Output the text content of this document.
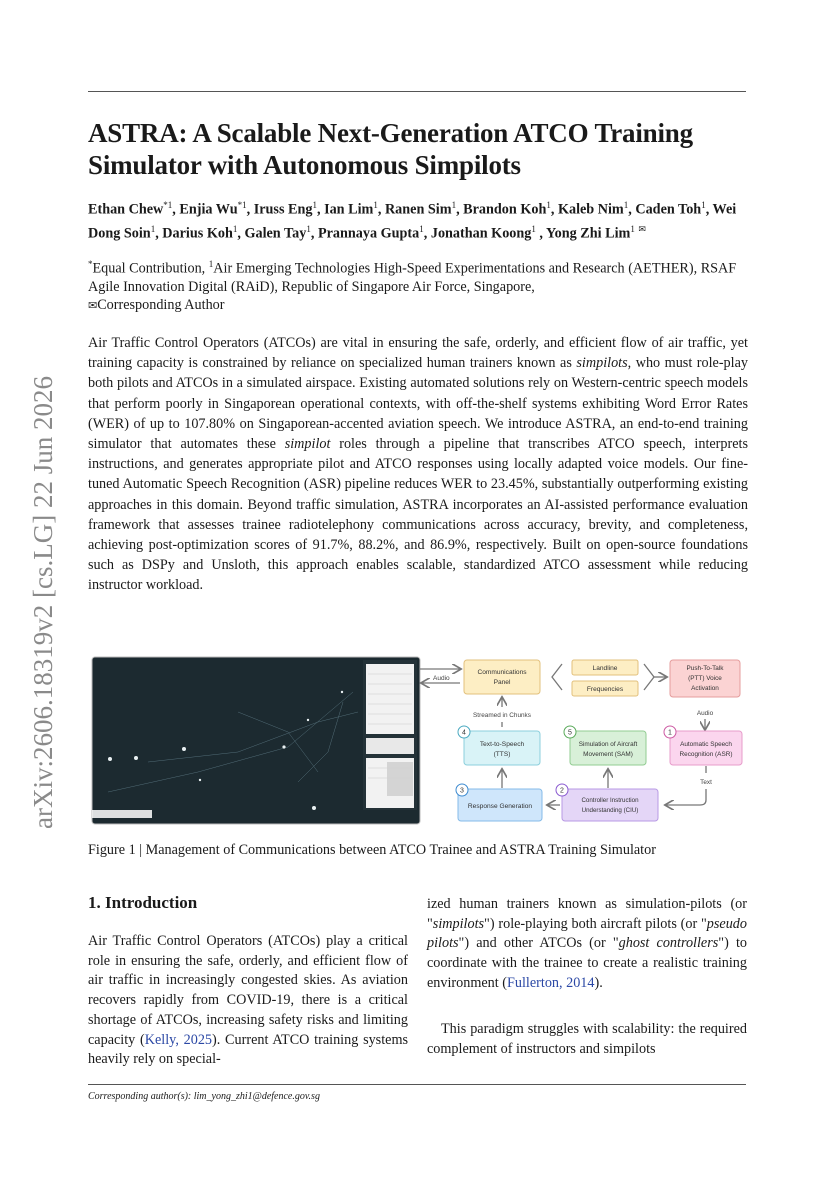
arXiv:2606.18319v2 [cs.LG] 22 Jun 2026
ASTRA: A Scalable Next-Generation ATCO Training Simulator with Autonomous Simpilots
Ethan Chew$^{*1}$, Enjia Wu$^{*1}$, Iruss Eng$^1$, Ian Lim$^1$, Ranen Sim$^1$, Brandon Koh$^1$, Kaleb Nim$^1$, Caden Toh$^1$, Wei Dong Soin$^1$, Darius Koh$^1$, Galen Tay$^1$, Prannaya Gupta$^1$, Jonathan Koong$^1$ , Yong Zhi Lim$^1$ ✉
*Equal Contribution, $^1$Air Emerging Technologies High-Speed Experimentations and Research (AETHER), RSAF Agile Innovation Digital (RAiD), Republic of Singapore Air Force, Singapore,
✉Corresponding Author

Air Traffic Control Operators (ATCOs) are vital in ensuring the safe, orderly, and efficient flow of air traffic, yet training capacity is constrained by reliance on specialized human trainers known as simpilots, who must role-play both pilots and ATCOs in a simulated airspace. Existing automated solutions rely on Western-centric speech models that perform poorly in Singaporean operational contexts, with off-the-shelf systems exhibiting Word Error Rates (WER) of up to 107.80% on Singaporean-accented aviation speech. We introduce ASTRA, an end-to-end training simulator that automates these simpilot roles through a pipeline that transcribes ATCO speech, interprets instructions, and generates appropriate pilot and ATCO responses using locally adapted voice models. Our fine-tuned Automatic Speech Recognition (ASR) pipeline reduces WER to 23.45%, substantially outperforming existing approaches in this domain. Beyond traffic simulation, ASTRA incorporates an AI-assisted performance evaluation framework that assesses trainee radiotelephony communications across accuracy, brevity, and completeness, achieving post-optimization scores of 91.7%, 88.2%, and 86.9%, respectively. Built on open-source foundations such as DSPy and Unsloth, this approach enables scalable, standardized ATCO assessment while reducing instructor workload.

Communications
Panel
Audio
Landline
Frequencies
Push-To-Talk
(PTT) Voice
Activation
Audio
Streamed in Chunks
4
Text-to-Speech
(TTS)
5
Simulation of Aircraft
Movement (SAM)
1
Automatic Speech
Recognition (ASR)
Text
2
Controller Instruction
Understanding (CIU)
3
Response Generation
Figure 1 | Management of Communications between ATCO Trainee and ASTRA Training Simulator
1. Introduction

Air Traffic Control Operators (ATCOs) play a critical role in ensuring the safe, orderly, and efficient flow of air traffic in increasingly congested skies. As aviation recovers rapidly from COVID-19, there is a critical shortage of ATCOs, increasing safety risks and limiting capacity (Kelly, 2025). Current ATCO training systems heavily rely on special-

ized human trainers known as simulation-pilots (or "simpilots") role-playing both aircraft pilots (or "pseudo pilots") and other ATCOs (or "ghost controllers") to coordinate with the trainee to create a realistic training environment (Fullerton, 2014).

This paradigm struggles with scalability: the required complement of instructors and simpilots

Corresponding author(s): lim_yong_zhi1@defence.gov.sg
